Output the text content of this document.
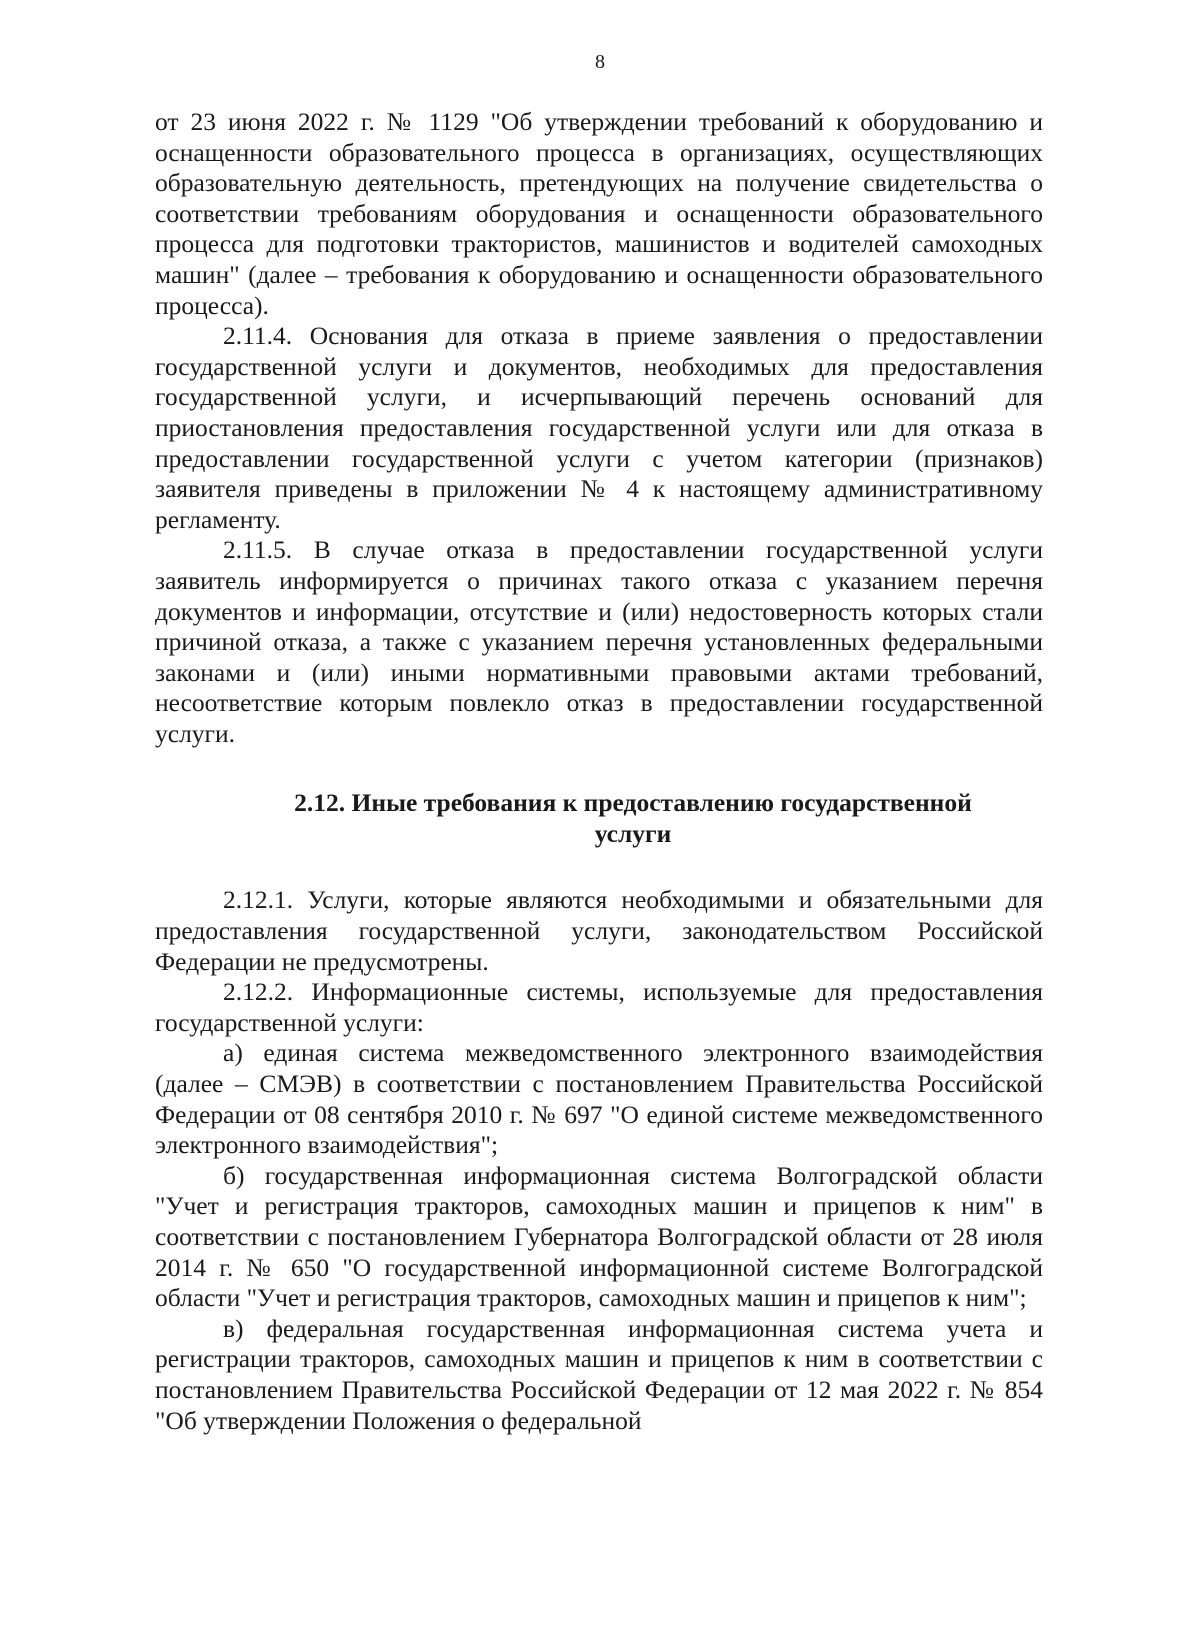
8

от 23 июня 2022 г. № 1129 "Об утверждении требований к оборудованию и оснащенности образовательного процесса в организациях, осуществляющих образовательную деятельность, претендующих на получение свидетельства о соответствии требованиям оборудования и оснащенности образовательного процесса для подготовки трактористов, машинистов и водителей самоходных машин" (далее – требования к оборудованию и оснащенности образовательного процесса).

2.11.4. Основания для отказа в приеме заявления о предоставлении государственной услуги и документов, необходимых для предоставления государственной услуги, и исчерпывающий перечень оснований для приостановления предоставления государственной услуги или для отказа в предоставлении государственной услуги с учетом категории (признаков) заявителя приведены в приложении № 4 к настоящему административному регламенту.

2.11.5. В случае отказа в предоставлении государственной услуги заявитель информируется о причинах такого отказа с указанием перечня документов и информации, отсутствие и (или) недостоверность которых стали причиной отказа, а также с указанием перечня установленных федеральными законами и (или) иными нормативными правовыми актами требований, несоответствие которым повлекло отказ в предоставлении государственной услуги.

2.12. Иные требования к предоставлению государственной
услуги

2.12.1. Услуги, которые являются необходимыми и обязательными для предоставления государственной услуги, законодательством Российской Федерации не предусмотрены.

2.12.2. Информационные системы, используемые для предоставления государственной услуги:

а) единая система межведомственного электронного взаимодействия (далее – СМЭВ) в соответствии с постановлением Правительства Российской Федерации от 08 сентября 2010 г. № 697 "О единой системе межведомственного электронного взаимодействия";

б) государственная информационная система Волгоградской области "Учет и регистрация тракторов, самоходных машин и прицепов к ним" в соответствии с постановлением Губернатора Волгоградской области от 28 июля 2014 г. № 650 "О государственной информационной системе Волгоградской области "Учет и регистрация тракторов, самоходных машин и прицепов к ним";

в) федеральная государственная информационная система учета и регистрации тракторов, самоходных машин и прицепов к ним в соответствии с постановлением Правительства Российской Федерации от 12 мая 2022 г. № 854 "Об утверждении Положения о федеральной
